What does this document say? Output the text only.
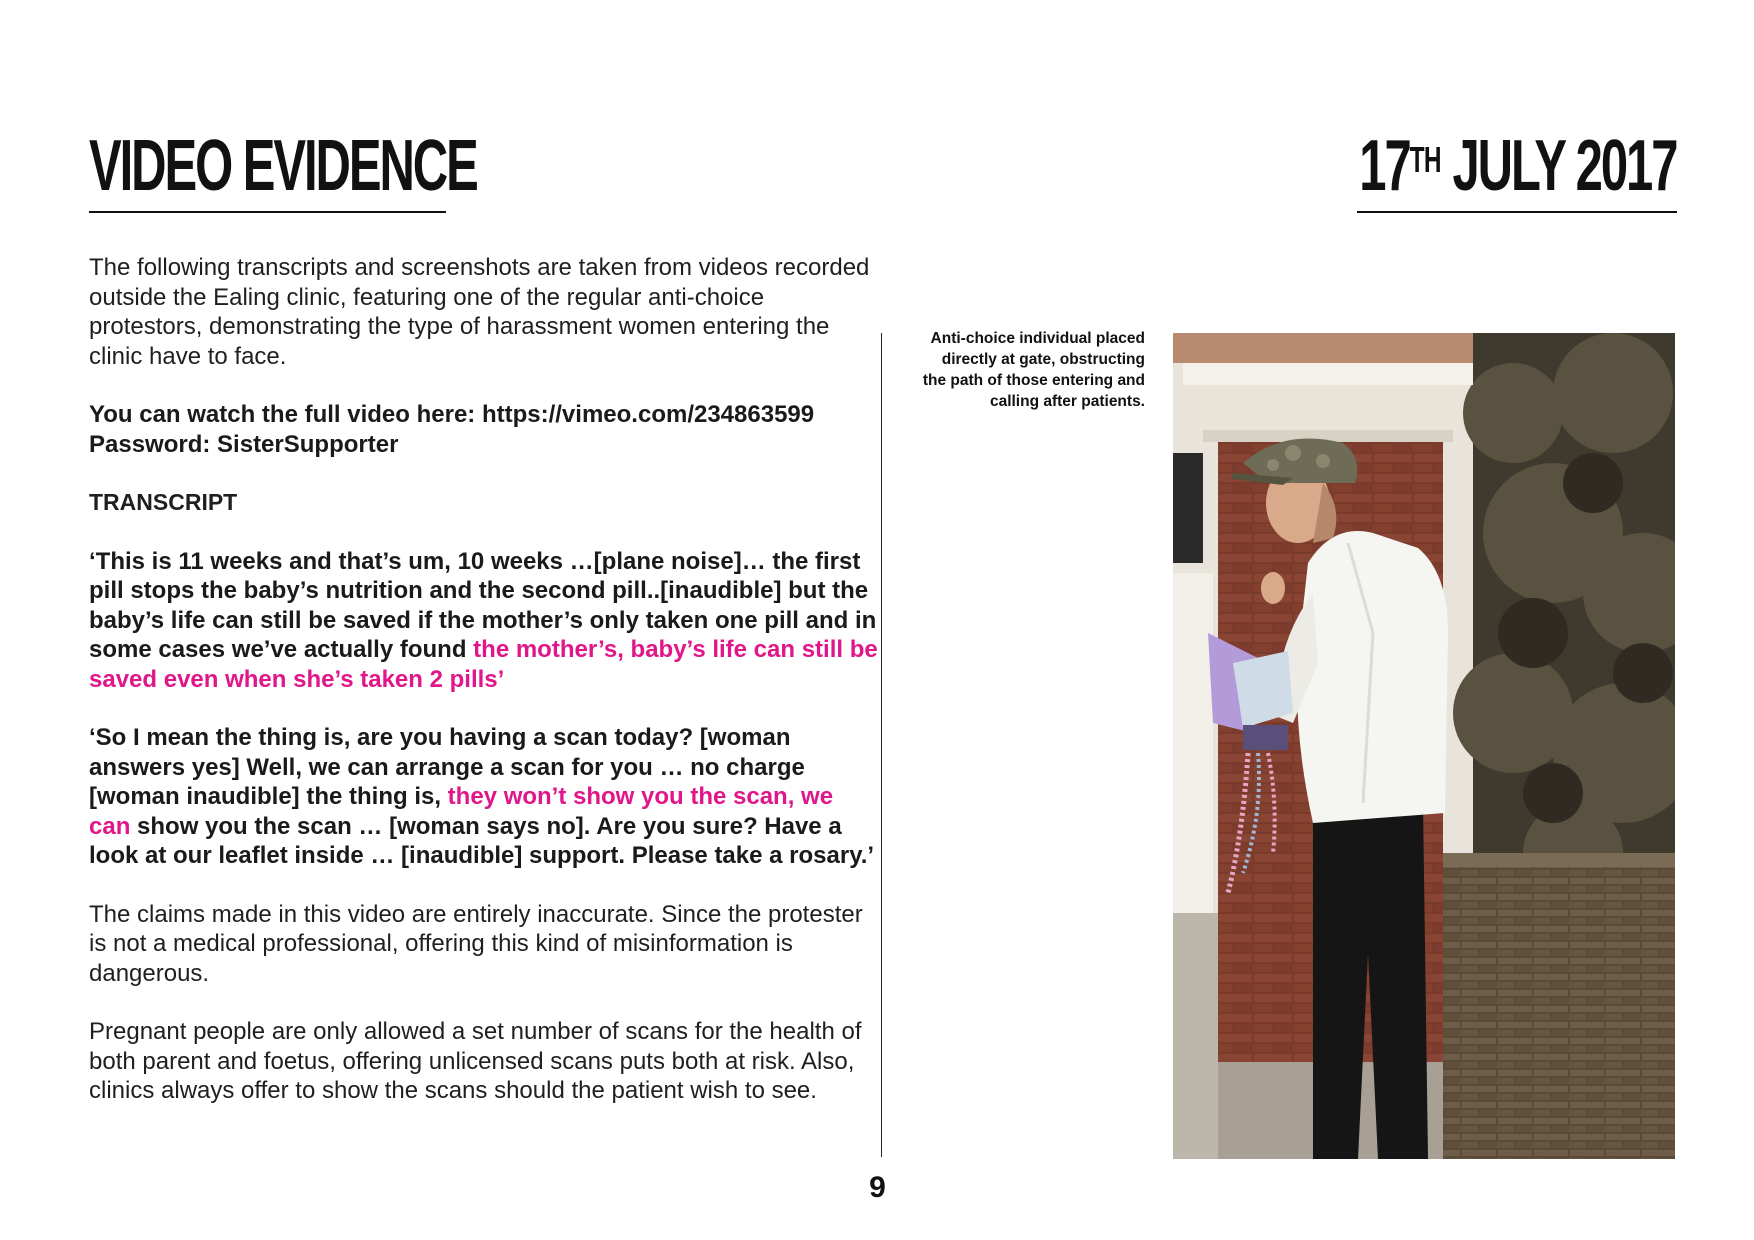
VIDEO EVIDENCE	17TH JULY 2017

The following transcripts and screenshots are taken from videos recorded outside the Ealing clinic, featuring one of the regular anti-choice protestors, demonstrating the type of harassment women entering the clinic have to face.

You can watch the full video here: https://vimeo.com/234863599
Password: SisterSupporter

TRANSCRIPT

‘This is 11 weeks and that’s um, 10 weeks …[plane noise]… the first pill stops the baby’s nutrition and the second pill..[inaudible] but the baby’s life can still be saved if the mother’s only taken one pill and in some cases we’ve actually found the mother’s, baby’s life can still be saved even when she’s taken 2 pills’

‘So I mean the thing is, are you having a scan today? [woman answers yes] Well, we can arrange a scan for you … no charge [woman inaudible] the thing is, they won’t show you the scan, we can show you the scan … [woman says no]. Are you sure? Have a look at our leaflet inside … [inaudible] support. Please take a rosary.’

The claims made in this video are entirely inaccurate. Since the protester is not a medical professional, offering this kind of misinformation is dangerous.

Pregnant people are only allowed a set number of scans for the health of both parent and foetus, offering unlicensed scans puts both at risk. Also, clinics always offer to show the scans should the patient wish to see.

Anti-choice individual placed directly at gate, obstructing the path of those entering and calling after patients.
9
